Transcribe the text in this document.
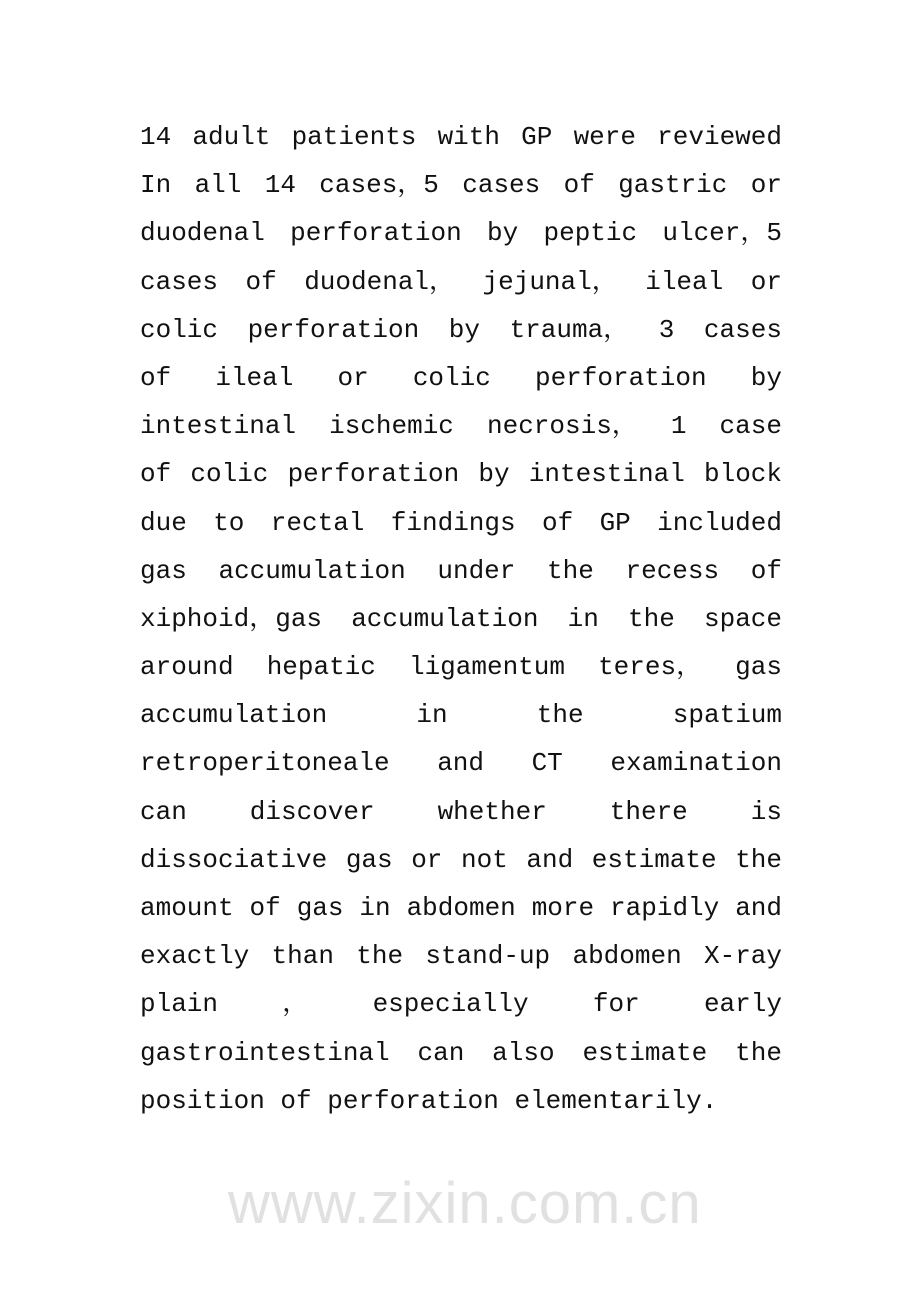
14 adult patients with GP were reviewed
In all 14 cases，5 cases of gastric or
duodenal perforation by peptic ulcer，5
cases of duodenal， jejunal， ileal or
colic perforation by trauma， 3 cases
of ileal or colic perforation by
intestinal ischemic necrosis， 1 case
of colic perforation by intestinal block
due to rectal findings of GP included
gas accumulation under the recess of
xiphoid，gas accumulation in the space
around hepatic ligamentum teres， gas
accumulation	in	the	spatium
retroperitoneale and CT examination
can discover whether there is
dissociative gas or not and estimate the
amount of gas in abdomen more rapidly and
exactly than the stand-up abdomen X-ray
plain ， especially for early
gastrointestinal can also estimate the
position of perforation elementarily.
www.zixin.com.cn
